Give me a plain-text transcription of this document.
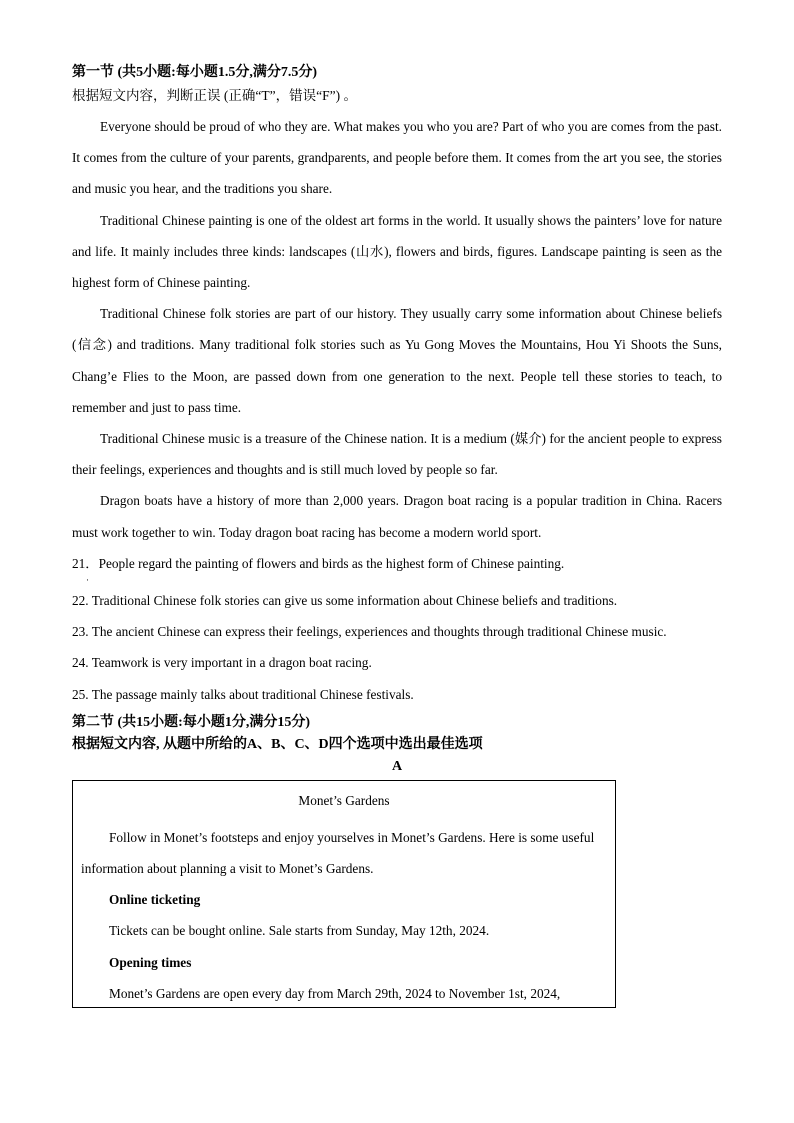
第一节 (共5小题:每小题1.5分,满分7.5分)

根据短文内容，判断正误 (正确“T”，错误“F”) 。

Everyone should be proud of who they are. What makes you who you are? Part of who you are comes from the past. It comes from the culture of your parents, grandparents, and people before them. It comes from the art you see, the stories and music you hear, and the traditions you share.

Traditional Chinese painting is one of the oldest art forms in the world. It usually shows the painters’ love for nature and life. It mainly includes three kinds: landscapes (山水), flowers and birds, figures. Landscape painting is seen as the highest form of Chinese painting.

Traditional Chinese folk stories are part of our history. They usually carry some information about Chinese beliefs (信念) and traditions. Many traditional folk stories such as Yu Gong Moves the Mountains, Hou Yi Shoots the Suns, Chang’e Flies to the Moon, are passed down from one generation to the next. People tell these stories to teach, to remember and just to pass time.

Traditional Chinese music is a treasure of the Chinese nation. It is a medium (媒介) for the ancient people to express their feelings, experiences and thoughts and is still much loved by people so far.

Dragon boats have a history of more than 2,000 years. Dragon boat racing is a popular tradition in China. Racers must work together to win. Today dragon boat racing has become a modern world sport.

21．People regard the painting of flowers and birds as the highest form of Chinese painting.

·

22. Traditional Chinese folk stories can give us some information about Chinese beliefs and traditions.

23. The ancient Chinese can express their feelings, experiences and thoughts through traditional Chinese music.

24. Teamwork is very important in a dragon boat racing.

25. The passage mainly talks about traditional Chinese festivals.

第二节 (共15小题:每小题1分,满分15分)

根据短文内容, 从题中所给的A、B、C、D四个选项中选出最佳选项

A

Monet’s Gardens

Follow in Monet’s footsteps and enjoy yourselves in Monet’s Gardens. Here is some useful information about planning a visit to Monet’s Gardens.

Online ticketing

Tickets can be bought online. Sale starts from Sunday, May 12th, 2024.

Opening times

Monet’s Gardens are open every day from March 29th, 2024 to November 1st, 2024,
